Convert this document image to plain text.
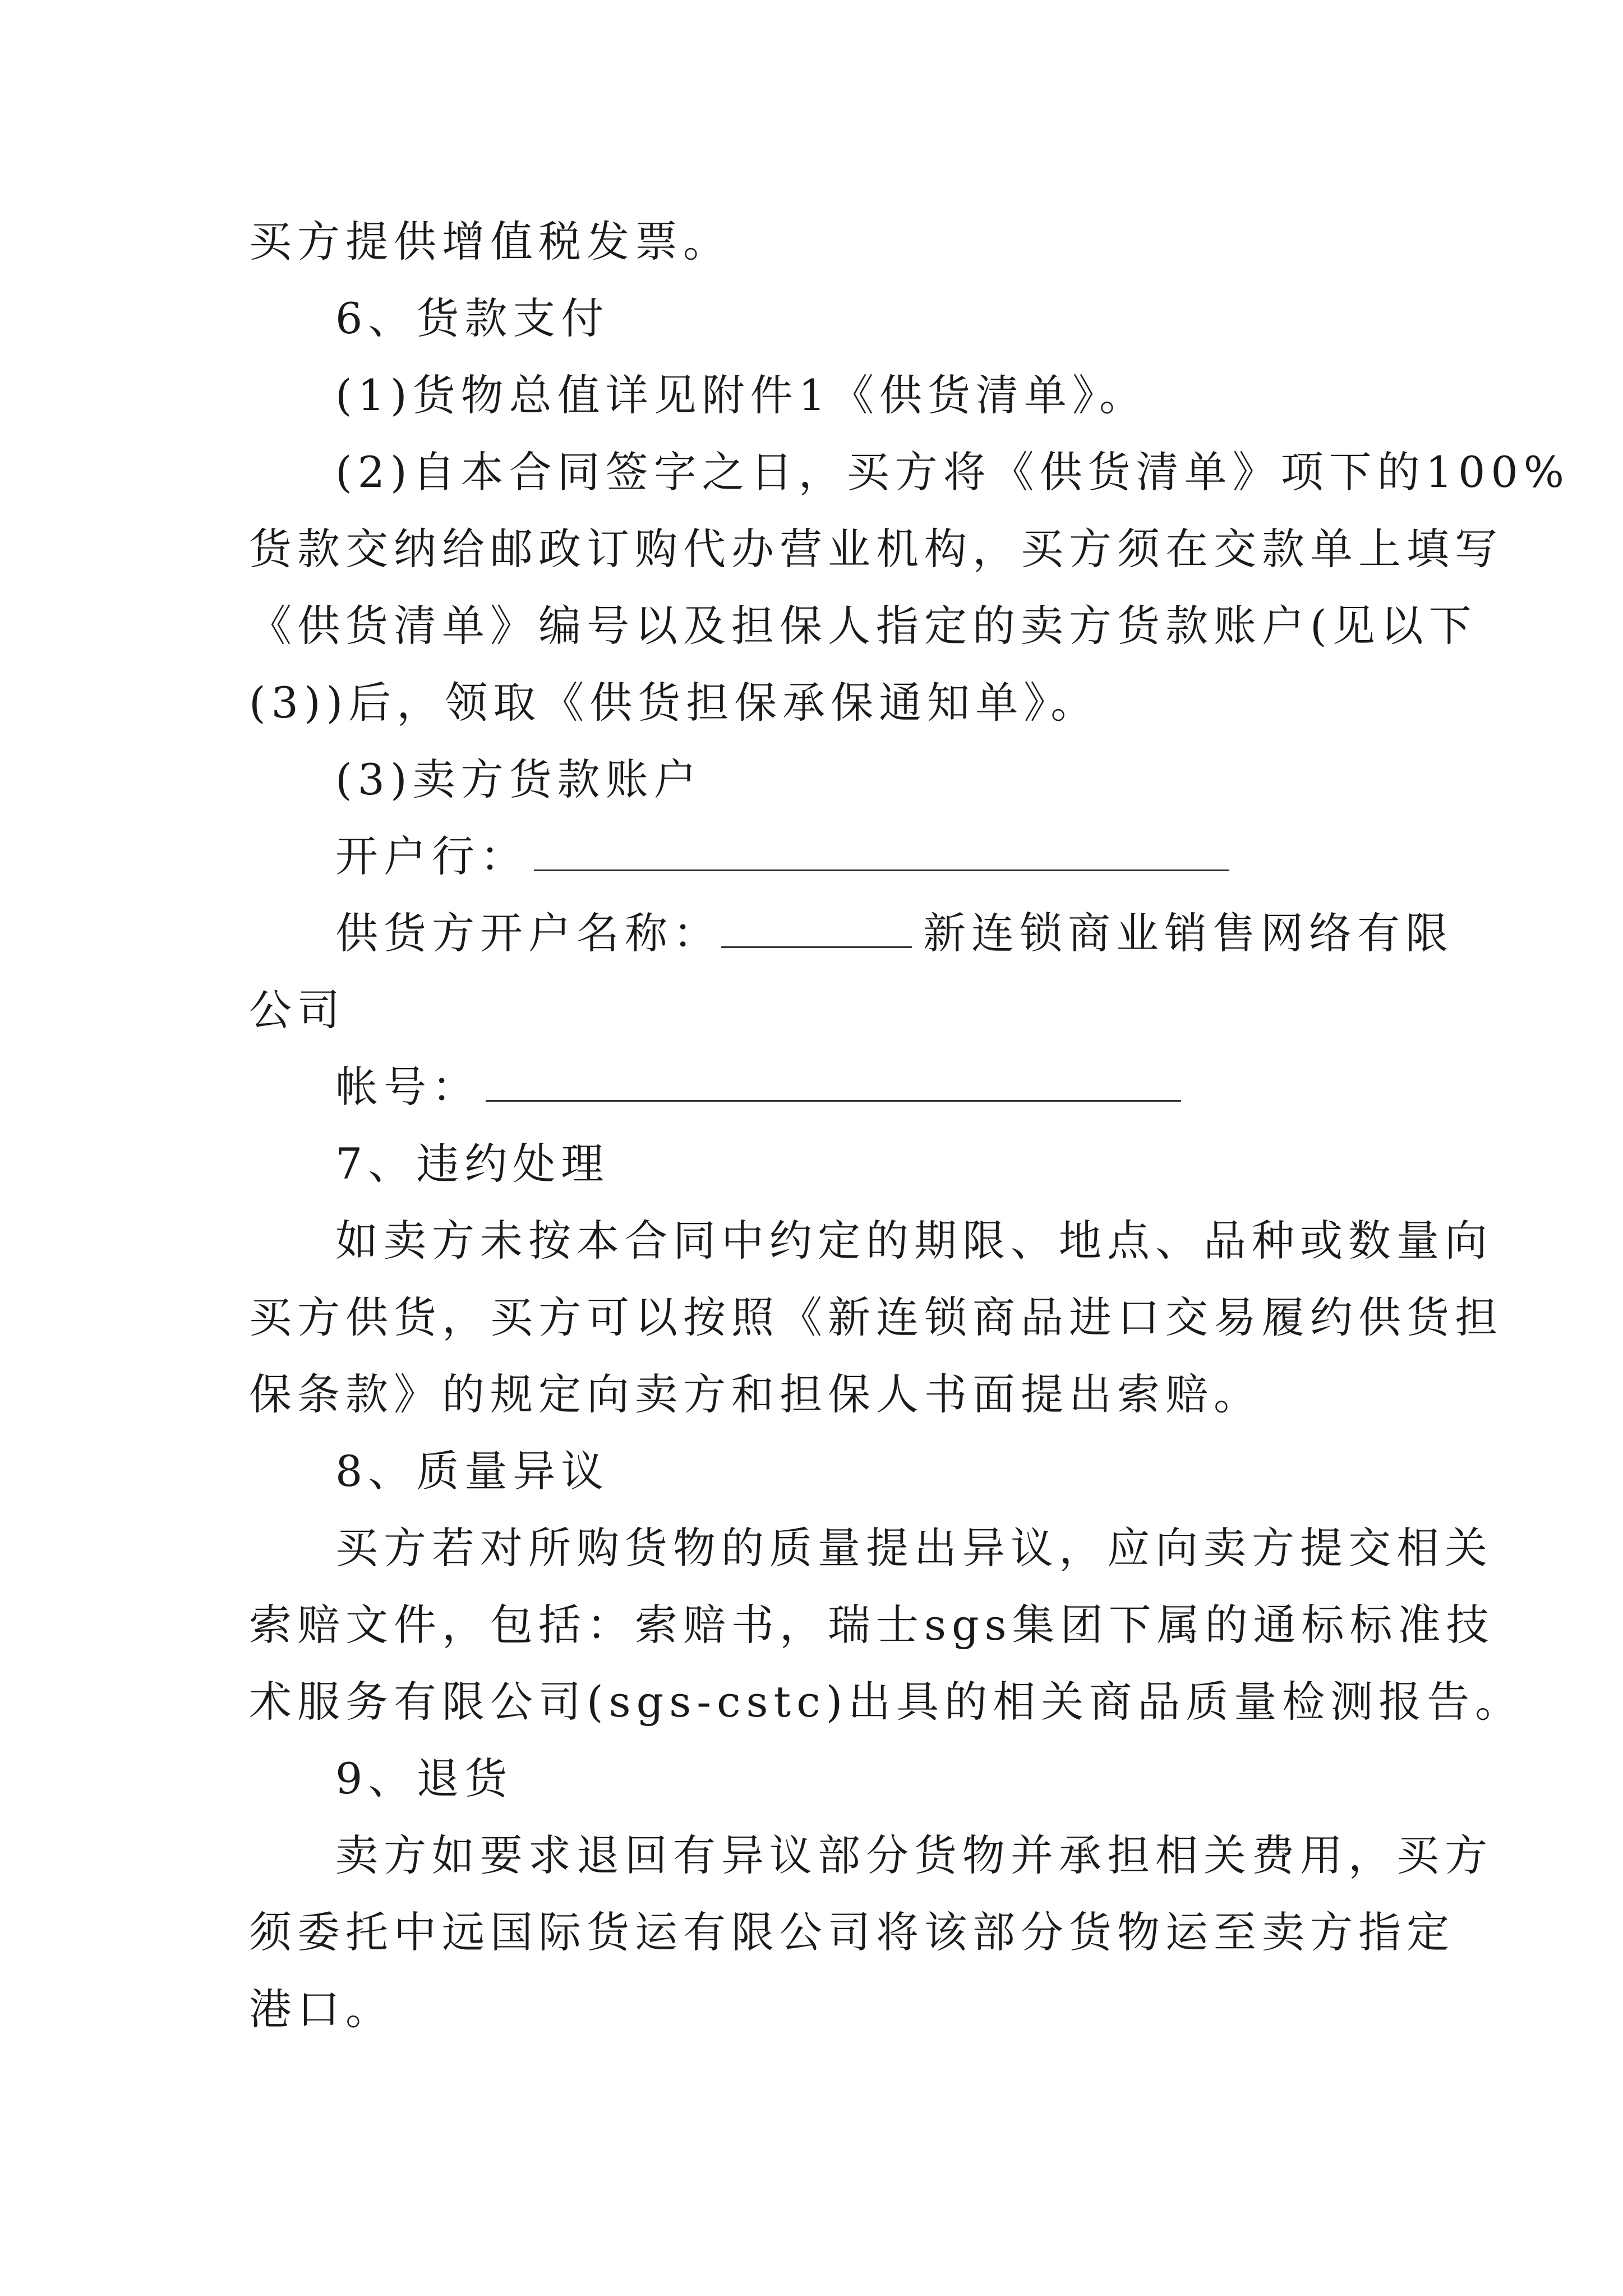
买方提供增值税发票。
6、货款支付
(1)货物总值详见附件1《供货清单》。
(2)自本合同签字之日，买方将《供货清单》项下的100%
货款交纳给邮政订购代办营业机构，买方须在交款单上填写
《供货清单》编号以及担保人指定的卖方货款账户(见以下
(3))后，领取《供货担保承保通知单》。
(3)卖方货款账户
开户行：
供货方开户名称：	新连锁商业销售网络有限
公司
帐号：
7、违约处理
如卖方未按本合同中约定的期限、地点、品种或数量向
买方供货，买方可以按照《新连锁商品进口交易履约供货担
保条款》的规定向卖方和担保人书面提出索赔。
8、质量异议
买方若对所购货物的质量提出异议，应向卖方提交相关
索赔文件，包括：索赔书，瑞士sgs集团下属的通标标准技
术服务有限公司(sgs-cstc)出具的相关商品质量检测报告。
9、退货
卖方如要求退回有异议部分货物并承担相关费用，买方
须委托中远国际货运有限公司将该部分货物运至卖方指定
港口。
